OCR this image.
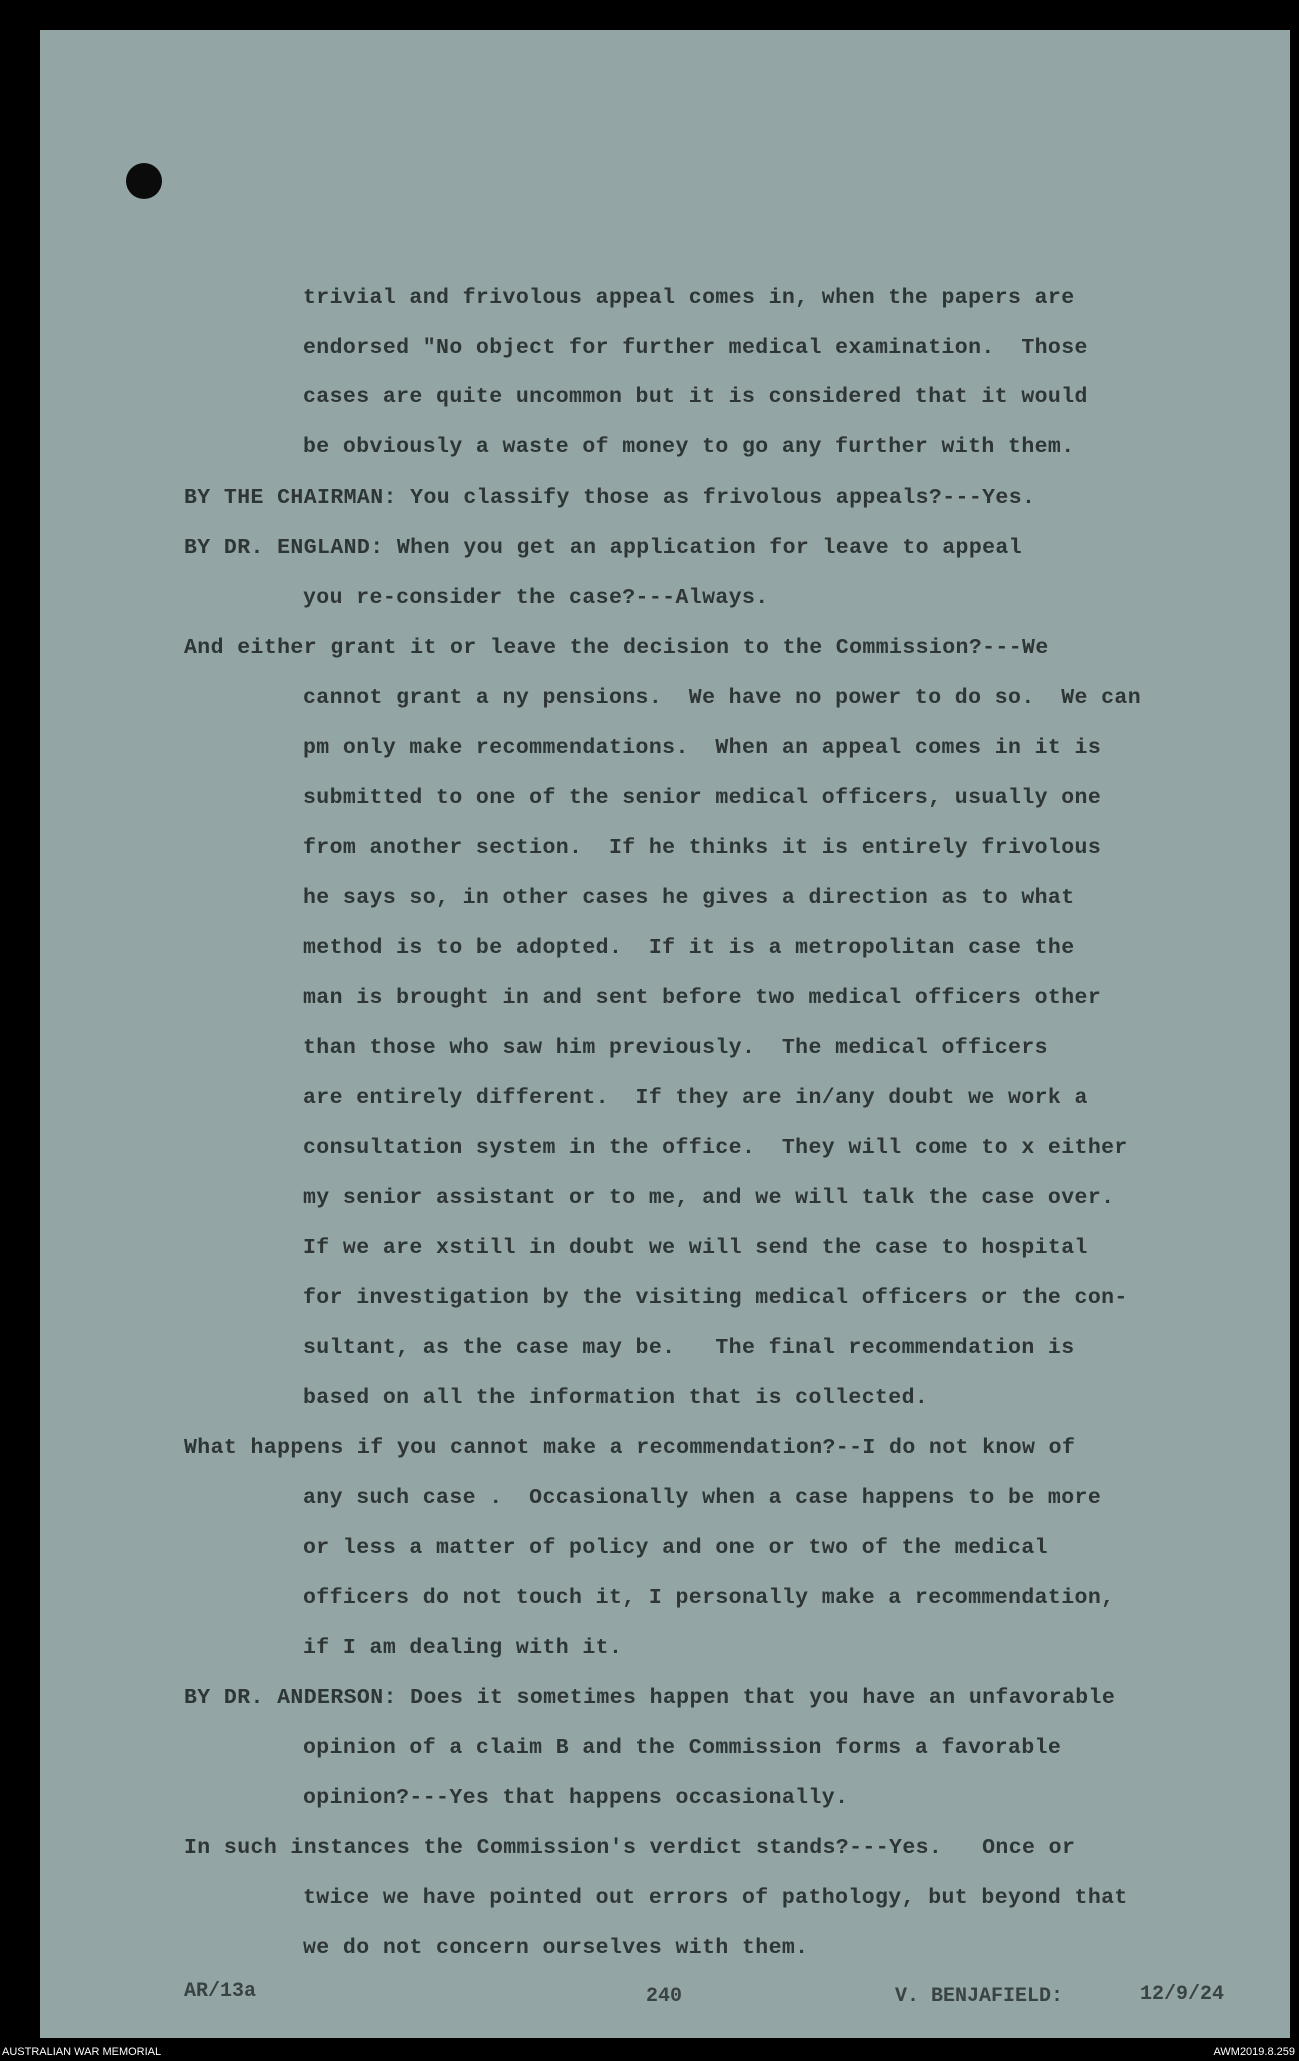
trivial and frivolous appeal comes in, when the papers are

endorsed "No object for further medical examination.  Those

cases are quite uncommon but it is considered that it would

be obviously a waste of money to go any further with them.

BY THE CHAIRMAN: You classify those as frivolous appeals?---Yes.

BY DR. ENGLAND: When you get an application for leave to appeal

you re-consider the case?---Always.

And either grant it or leave the decision to the Commission?---We

cannot grant a ny pensions.  We have no power to do so.  We can

pm only make recommendations.  When an appeal comes in it is

submitted to one of the senior medical officers, usually one

from another section.  If he thinks it is entirely frivolous

he says so, in other cases he gives a direction as to what

method is to be adopted.  If it is a metropolitan case the

man is brought in and sent before two medical officers other

than those who saw him previously.  The medical officers

are entirely different.  If they are in/any doubt we work a

consultation system in the office.  They will come to x either

my senior assistant or to me, and we will talk the case over.

If we are xstill in doubt we will send the case to hospital

for investigation by the visiting medical officers or the con-

sultant, as the case may be.   The final recommendation is

based on all the information that is collected.

What happens if you cannot make a recommendation?--I do not know of

any such case .  Occasionally when a case happens to be more

or less a matter of policy and one or two of the medical

officers do not touch it, I personally make a recommendation,

if I am dealing with it.

BY DR. ANDERSON: Does it sometimes happen that you have an unfavorable

opinion of a claim B and the Commission forms a favorable

opinion?---Yes that happens occasionally.

In such instances the Commission's verdict stands?---Yes.   Once or

twice we have pointed out errors of pathology, but beyond that

we do not concern ourselves with them.

AR/13a	240	V. BENJAFIELD:	12/9/24
AUSTRALIAN WAR MEMORIAL	AWM2019.8.259
